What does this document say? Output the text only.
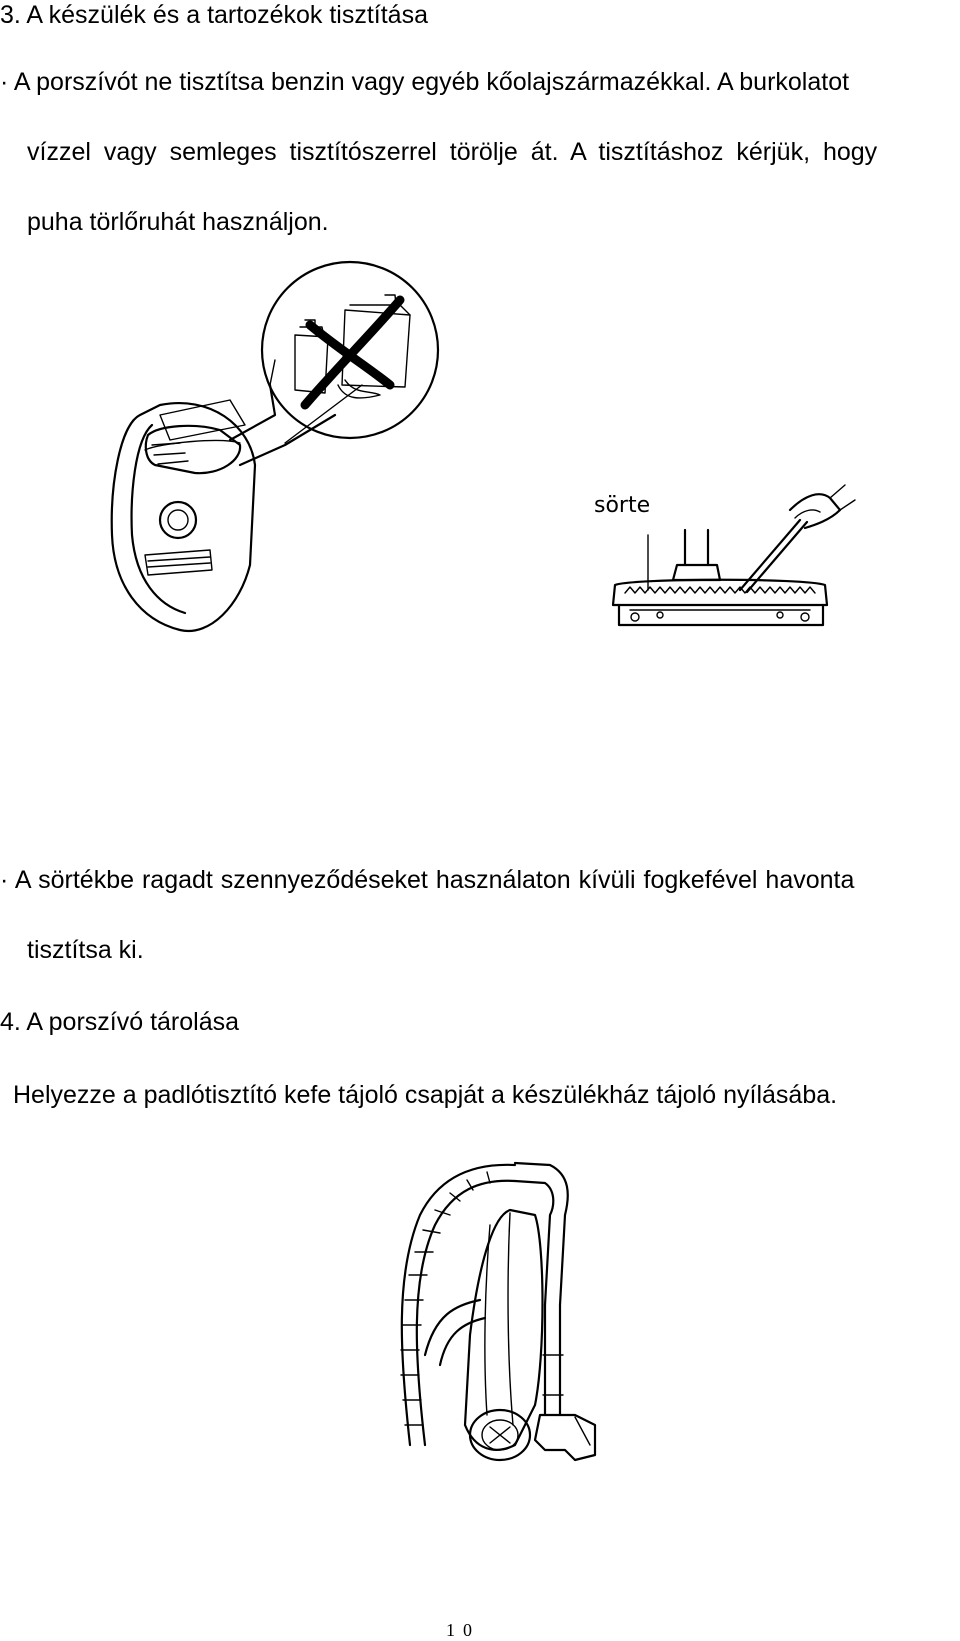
3. A készülék és a tartozékok tisztítása

· A porszívót ne tisztítsa benzin vagy egyéb kőolajszármazékkal. A burkolatot

vízzel vagy semleges tisztítószerrel törölje át. A tisztításhoz kérjük, hogy

puha törlőruhát használjon.

sörte

· A sörtékbe ragadt szennyeződéseket használaton kívüli fogkefével havonta

tisztítsa ki.

4. A porszívó tárolása

Helyezze a padlótisztító kefe tájoló csapját a készülékház tájoló nyílásába.

10
